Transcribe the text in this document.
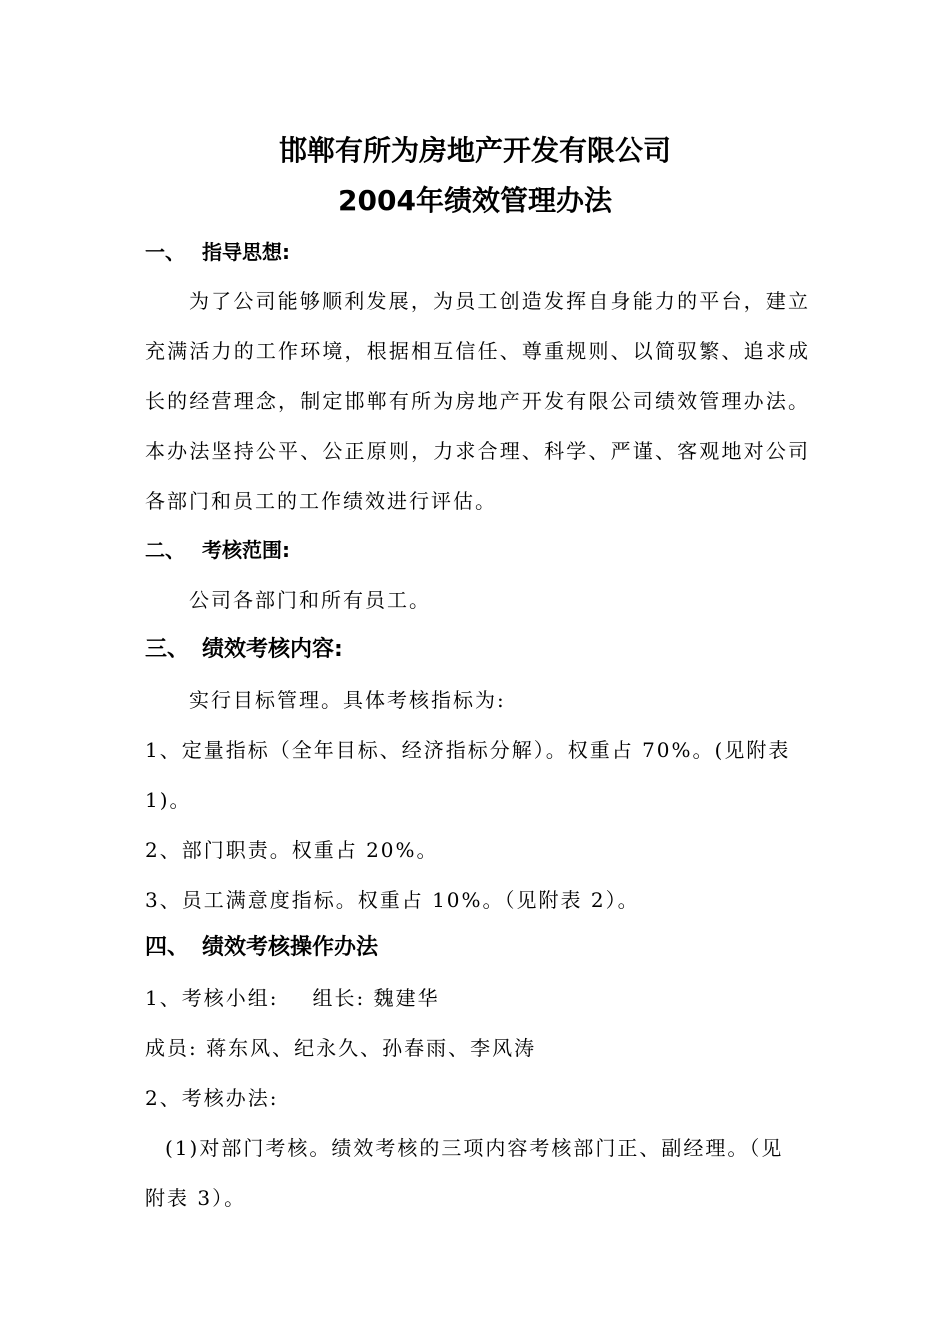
邯郸有所为房地产开发有限公司
2004年绩效管理办法
一、 指导思想:

为了公司能够顺利发展，为员工创造发挥自身能力的平台，建立充满活力的工作环境，根据相互信任、尊重规则、以简驭繁、追求成长的经营理念，制定邯郸有所为房地产开发有限公司绩效管理办法。本办法坚持公平、公正原则，力求合理、科学、严谨、客观地对公司各部门和员工的工作绩效进行评估。

二、 考核范围:

公司各部门和所有员工。

三、 绩效考核内容:

实行目标管理。具体考核指标为:

1、定量指标（全年目标、经济指标分解）。权重占 70%。(见附表

1)。

2、部门职责。权重占 20%。

3、员工满意度指标。权重占 10%。（见附表 2）。

四、 绩效考核操作办法

1、考核小组: 组长: 魏建华

成员: 蒋东风、纪永久、孙春雨、李风涛

2、考核办法:

(1)对部门考核。绩效考核的三项内容考核部门正、副经理。（见

附表 3）。
